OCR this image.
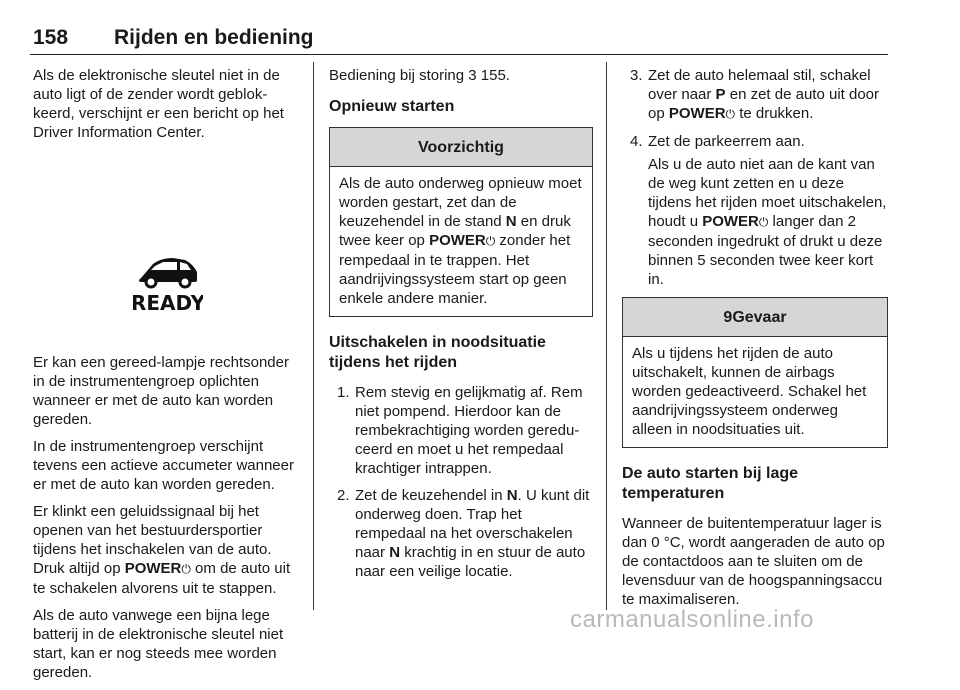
158 Rijden en bediening

Als de elektronische sleutel niet in de auto ligt of de zender wordt geblokkeerd, verschijnt er een bericht op het Driver Information Center.

READY

Er kan een gereed-lampje rechtsonder in de instrumentengroep oplichten wanneer er met de auto kan worden gereden.

In de instrumentengroep verschijnt tevens een actieve accumeter wanneer er met de auto kan worden gereden.

Er klinkt een geluidssignaal bij het openen van het bestuurdersportier tijdens het inschakelen van de auto. Druk altijd op POWER⏻ om de auto uit te schakelen alvorens uit te stappen.

Als de auto vanwege een bijna lege batterij in de elektronische sleutel niet start, kan er nog steeds mee worden gereden.

Bediening bij storing 3 155.

Opnieuw starten
Voorzichtig
Als de auto onderweg opnieuw moet worden gestart, zet dan de keuzehendel in de stand N en druk twee keer op POWER⏻ zonder het rempedaal in te trappen. Het aandrijvingssysteem start op geen enkele andere manier.
Uitschakelen in noodsituatie tijdens het rijden
1. Rem stevig en gelijkmatig af. Rem niet pompend. Hierdoor kan de rembekrachtiging worden gereduceerd en moet u het rempedaal krachtiger intrappen.
2. Zet de keuzehendel in N. U kunt dit onderweg doen. Trap het rempedaal na het overschakelen naar N krachtig in en stuur de auto naar een veilige locatie.
3. Zet de auto helemaal stil, schakel over naar P en zet de auto uit door op POWER⏻ te drukken.
4. Zet de parkeerrem aan.
Als u de auto niet aan de kant van de weg kunt zetten en u deze tijdens het rijden moet uitschakelen, houdt u POWER⏻ langer dan 2 seconden ingedrukt of drukt u deze binnen 5 seconden twee keer kort in.
9Gevaar
Als u tijdens het rijden de auto uitschakelt, kunnen de airbags worden gedeactiveerd. Schakel het aandrijvingssysteem onderweg alleen in noodsituaties uit.
De auto starten bij lage temperaturen

Wanneer de buitentemperatuur lager is dan 0 °C, wordt aangeraden de auto op de contactdoos aan te sluiten om de levensduur van de hoogspanningsaccu te maximaliseren.

carmanualsonline.info
